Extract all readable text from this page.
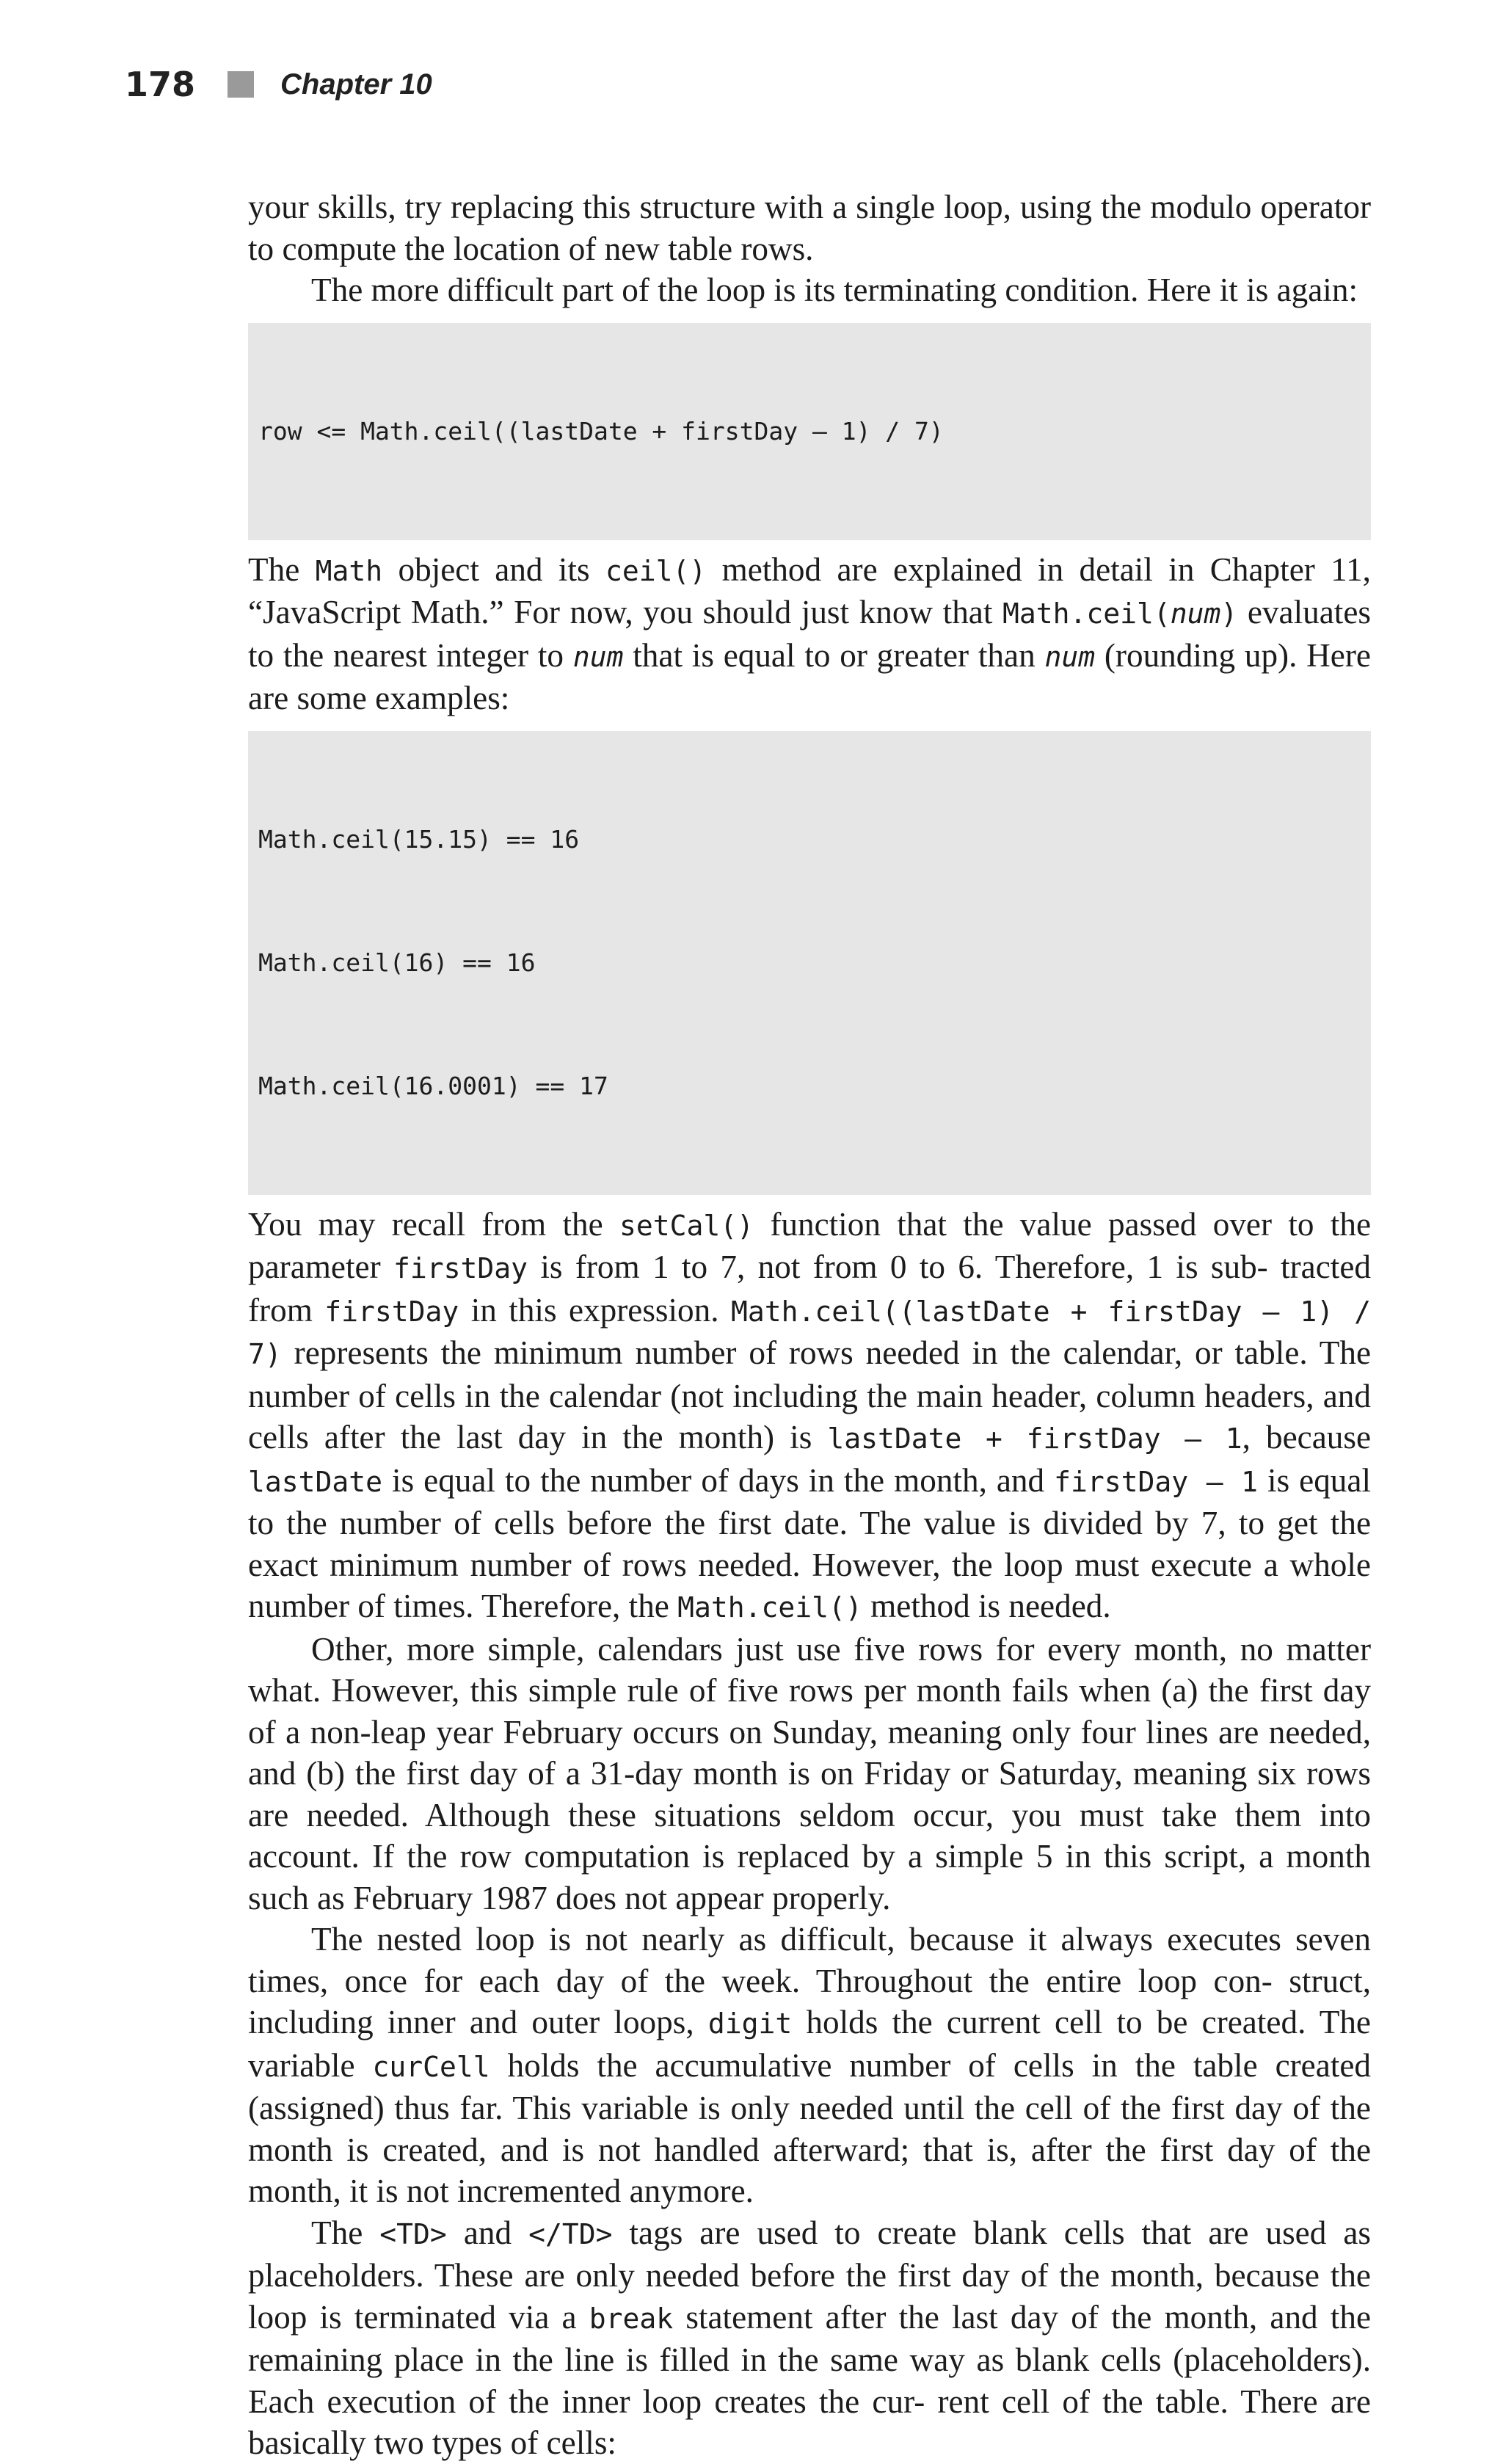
178	Chapter 10

your skills, try replacing this structure with a single loop, using the modulo operator to compute the location of new table rows.

The more difficult part of the loop is its terminating condition. Here it is again:

row <= Math.ceil((lastDate + firstDay – 1) / 7)

The Math object and its ceil() method are explained in detail in Chapter 11, “JavaScript Math.” For now, you should just know that Math.ceil(num) evaluates to the nearest integer to num that is equal to or greater than num (rounding up). Here are some examples:

Math.ceil(15.15) == 16

Math.ceil(16) == 16

Math.ceil(16.0001) == 17

You may recall from the setCal() function that the value passed over to the parameter firstDay is from 1 to 7, not from 0 to 6. Therefore, 1 is sub- tracted from firstDay in this expression. Math.ceil((lastDate + firstDay – 1) / 7) represents the minimum number of rows needed in the calendar, or table. The number of cells in the calendar (not including the main header, column headers, and cells after the last day in the month) is lastDate + firstDay – 1, because lastDate is equal to the number of days in the month, and firstDay – 1 is equal to the number of cells before the first date. The value is divided by 7, to get the exact minimum number of rows needed. However, the loop must execute a whole number of times. Therefore, the Math.ceil() method is needed.

Other, more simple, calendars just use five rows for every month, no matter what. However, this simple rule of five rows per month fails when (a) the first day of a non-leap year February occurs on Sunday, meaning only four lines are needed, and (b) the first day of a 31-day month is on Friday or Saturday, meaning six rows are needed. Although these situations seldom occur, you must take them into account. If the row computation is replaced by a simple 5 in this script, a month such as February 1987 does not appear properly.

The nested loop is not nearly as difficult, because it always executes seven times, once for each day of the week. Throughout the entire loop con- struct, including inner and outer loops, digit holds the current cell to be created. The variable curCell holds the accumulative number of cells in the table created (assigned) thus far. This variable is only needed until the cell of the first day of the month is created, and is not handled afterward; that is, after the first day of the month, it is not incremented anymore.

The <TD> and </TD> tags are used to create blank cells that are used as placeholders. These are only needed before the first day of the month, because the loop is terminated via a break statement after the last day of the month, and the remaining place in the line is filled in the same way as blank cells (placeholders). Each execution of the inner loop creates the cur- rent cell of the table. There are basically two types of cells:
